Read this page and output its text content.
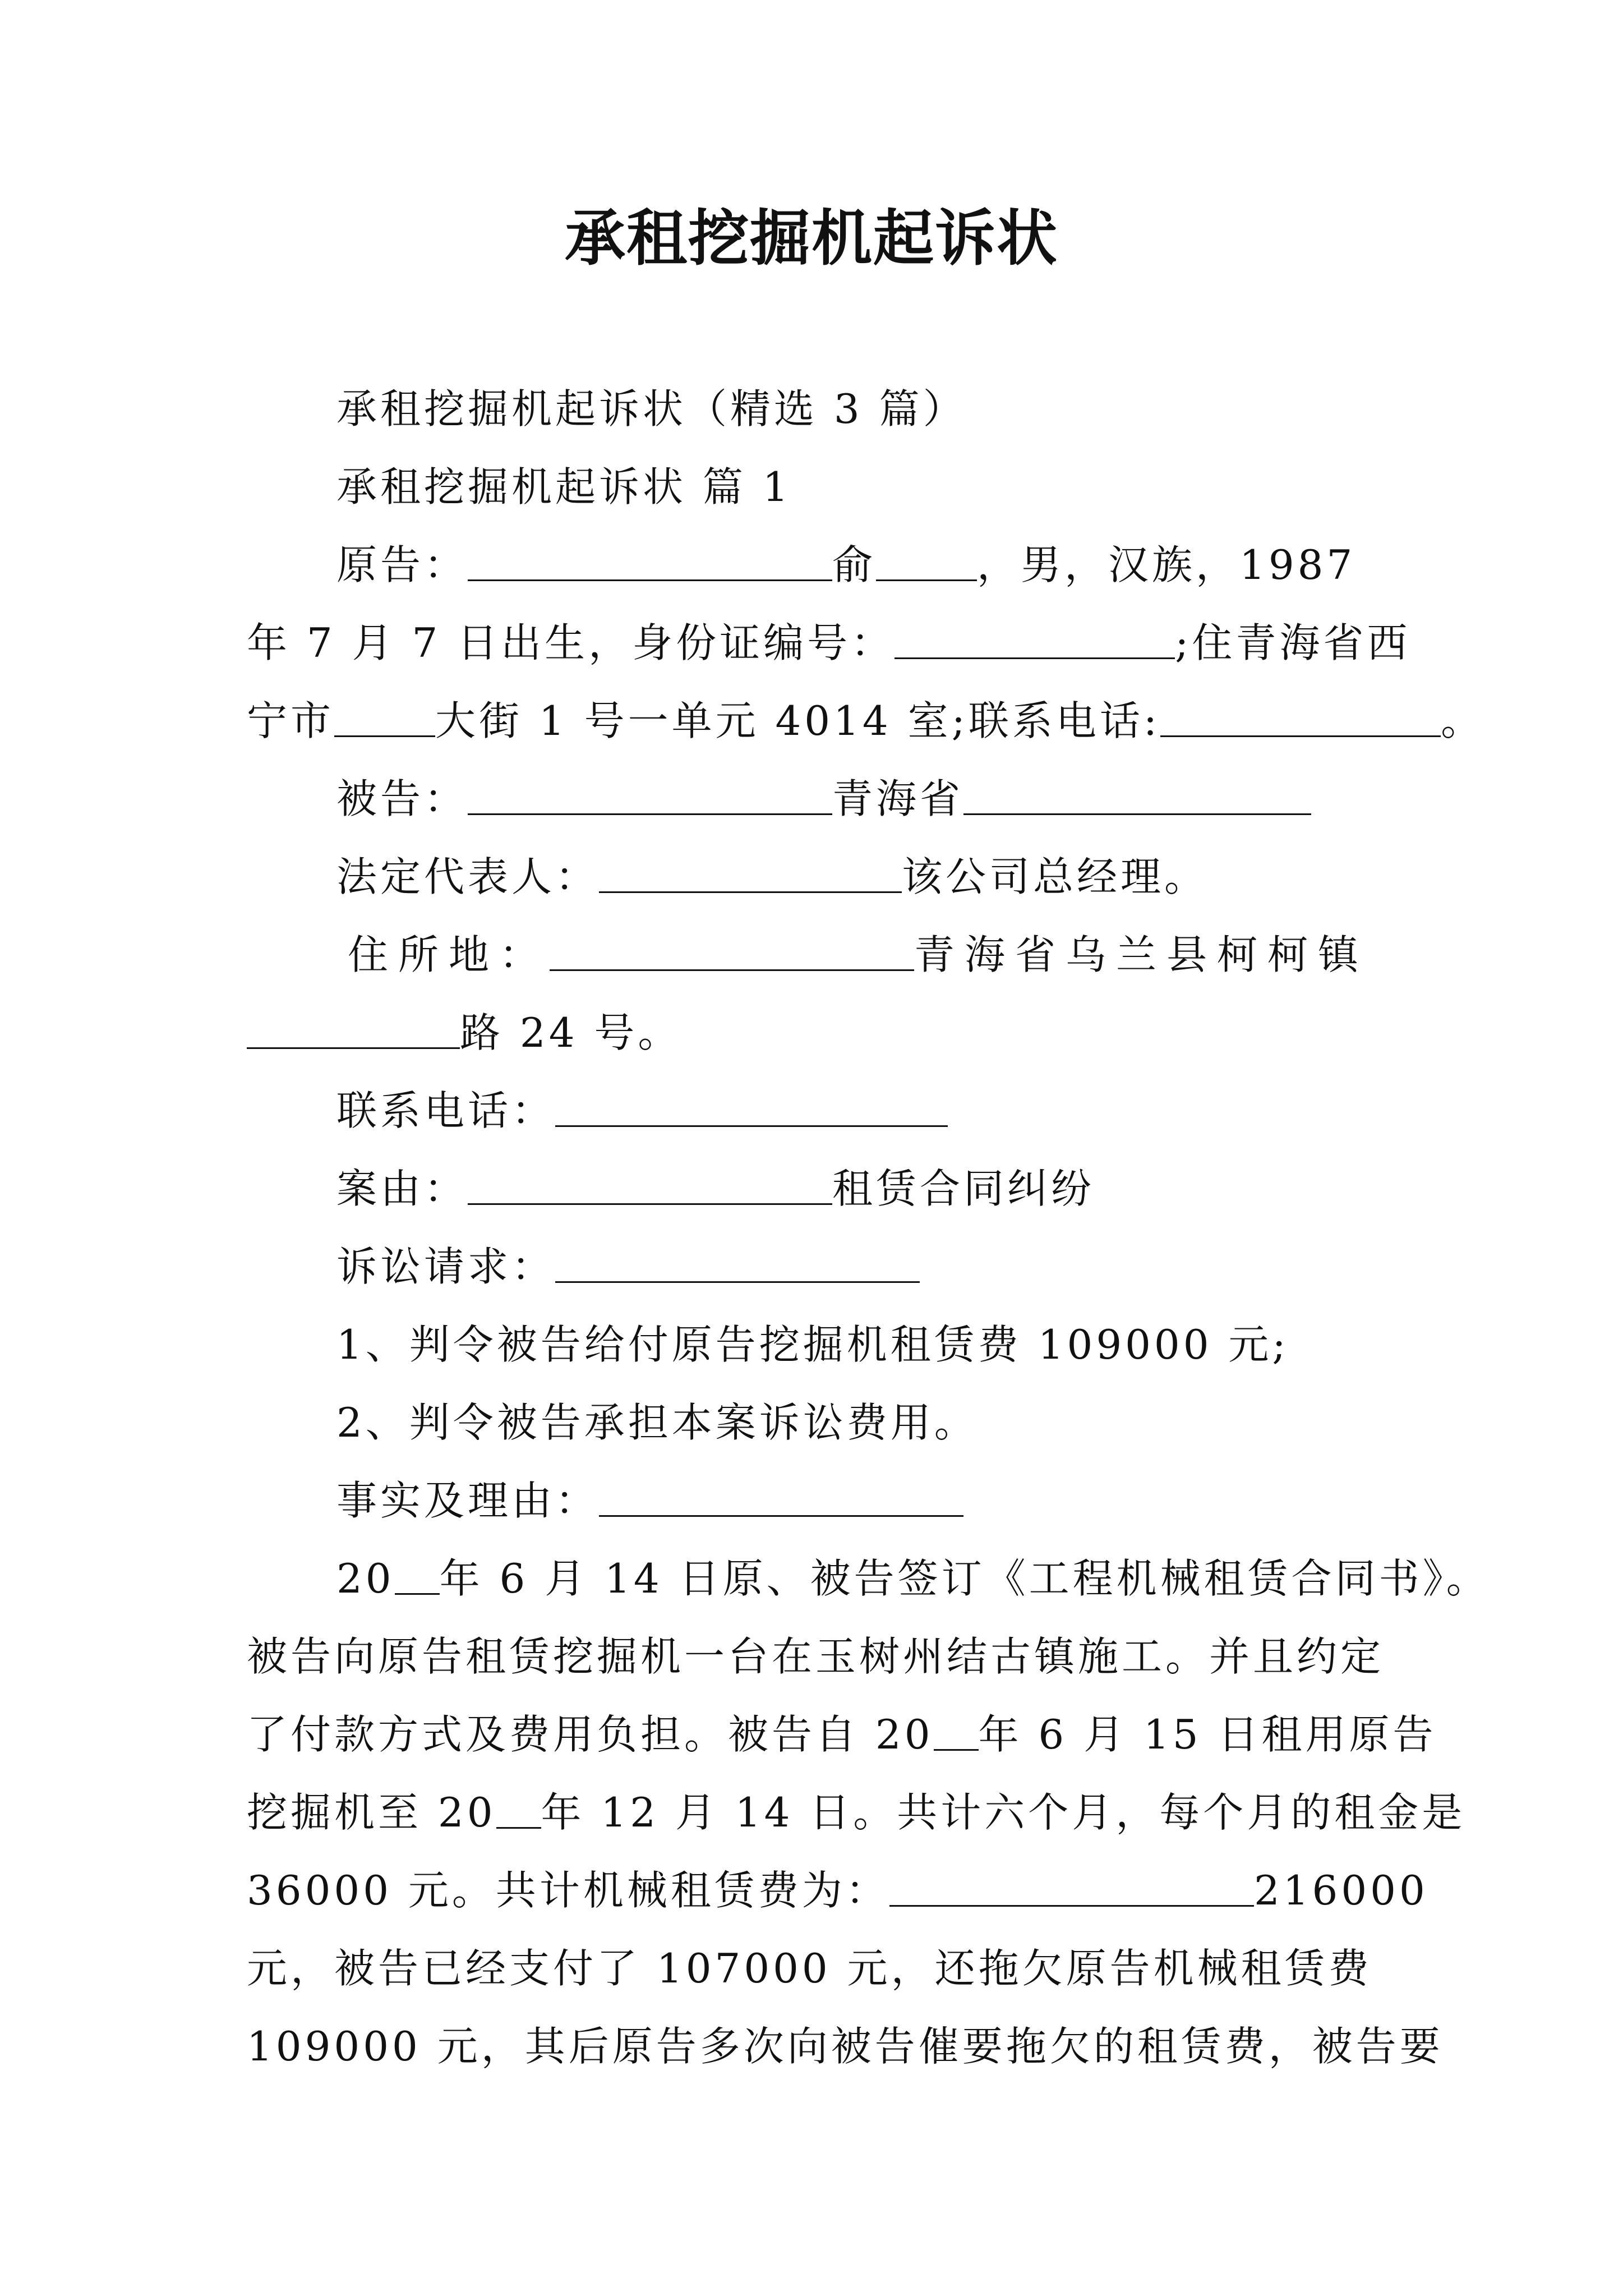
承租挖掘机起诉状
承租挖掘机起诉状（精选 3 篇）
承租挖掘机起诉状 篇 1
原告：	俞	，男，汉族，1987
年 7 月 7 日出生，身份证编号：	;住青海省西
宁市	大街 1 号一单元 4014 室;联系电话:	。
被告：	青海省
法定代表人：	该公司总经理。
住所地：	青海省乌兰县柯柯镇
路 24 号。
联系电话：
案由：	租赁合同纠纷
诉讼请求：
1、判令被告给付原告挖掘机租赁费 109000 元;
2、判令被告承担本案诉讼费用。
事实及理由：
20 年 6 月 14 日原、被告签订《工程机械租赁合同书》。
被告向原告租赁挖掘机一台在玉树州结古镇施工。并且约定
了付款方式及费用负担。被告自 20 年 6 月 15 日租用原告
挖掘机至 20 年 12 月 14 日。共计六个月，每个月的租金是
36000 元。共计机械租赁费为：	216000
元，被告已经支付了 107000 元，还拖欠原告机械租赁费
109000 元，其后原告多次向被告催要拖欠的租赁费，被告要
